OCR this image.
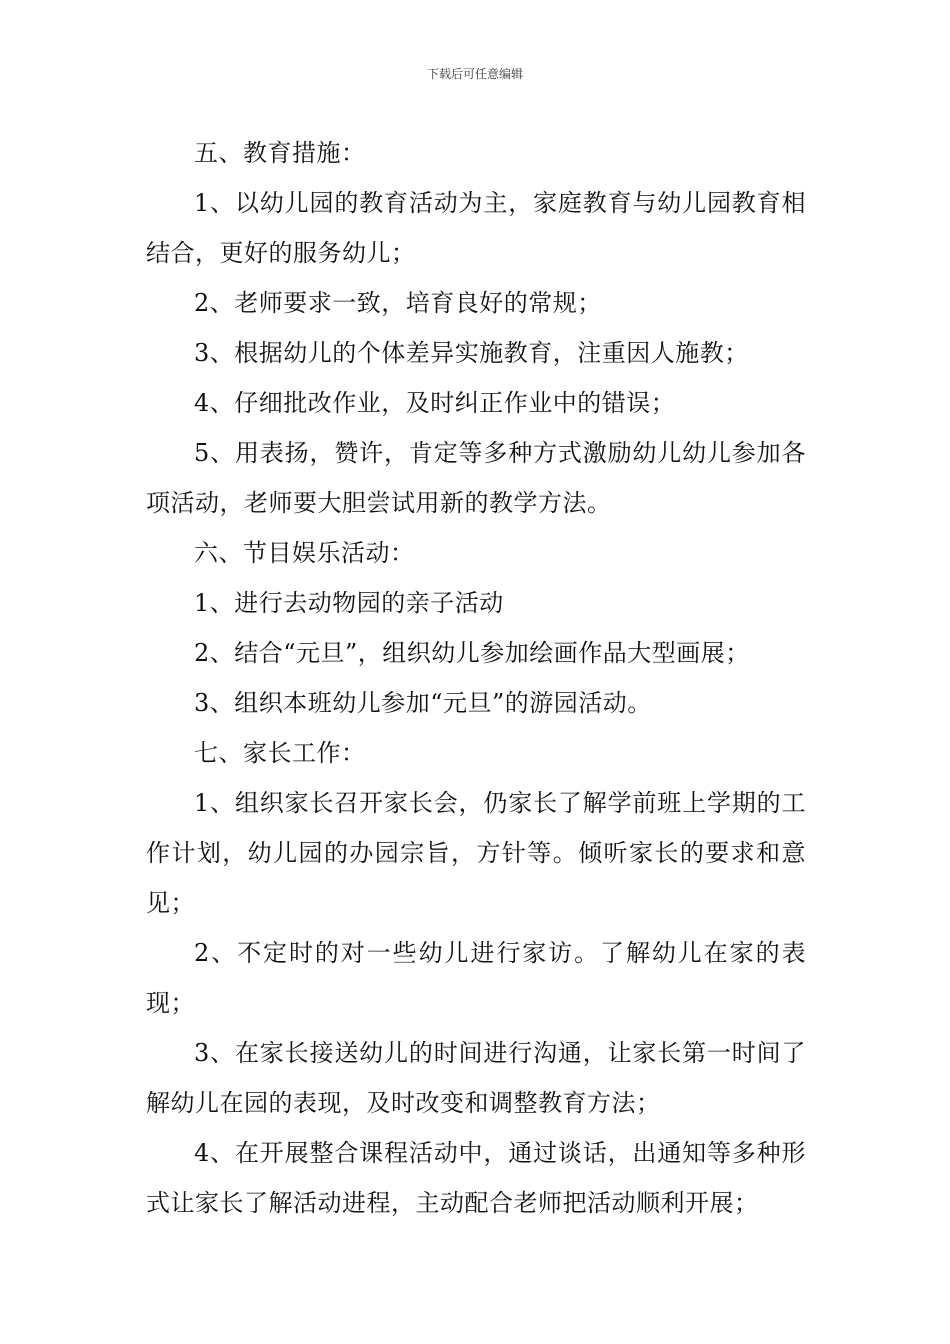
下载后可任意编辑

五、教育措施：

1、以幼儿园的教育活动为主，家庭教育与幼儿园教育相结合，更好的服务幼儿；

2、老师要求一致，培育良好的常规；

3、根据幼儿的个体差异实施教育，注重因人施教；

4、仔细批改作业，及时纠正作业中的错误；

5、用表扬，赞许，肯定等多种方式激励幼儿幼儿参加各项活动，老师要大胆尝试用新的教学方法。

六、节目娱乐活动：

1、进行去动物园的亲子活动

2、结合“元旦”，组织幼儿参加绘画作品大型画展；

3、组织本班幼儿参加“元旦”的游园活动。

七、家长工作：

1、组织家长召开家长会，仍家长了解学前班上学期的工作计划，幼儿园的办园宗旨，方针等。倾听家长的要求和意见；

2、不定时的对一些幼儿进行家访。了解幼儿在家的表现；

3、在家长接送幼儿的时间进行沟通，让家长第一时间了解幼儿在园的表现，及时改变和调整教育方法；

4、在开展整合课程活动中，通过谈话，出通知等多种形式让家长了解活动进程，主动配合老师把活动顺利开展；
